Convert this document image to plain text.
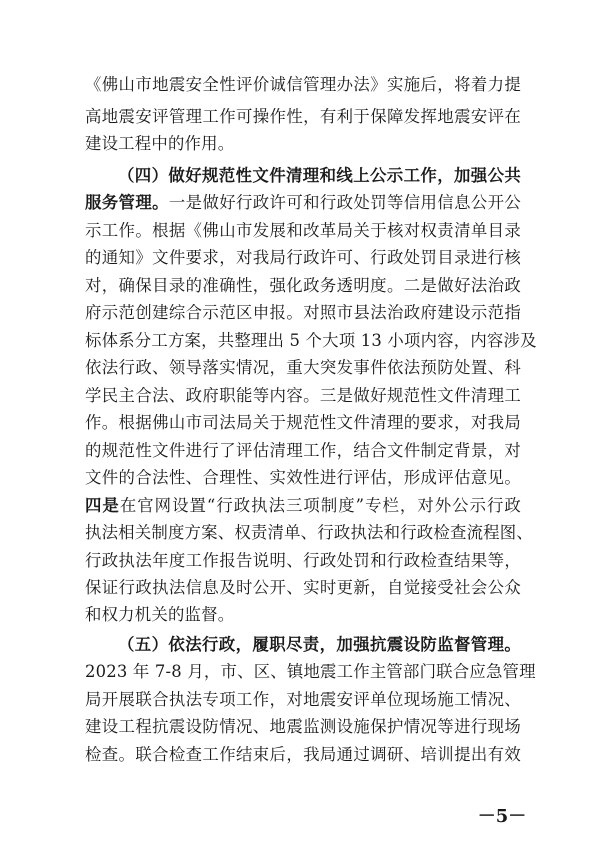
《佛山市地震安全性评价诚信管理办法》实施后，将着力提
高地震安评管理工作可操作性，有利于保障发挥地震安评在
建设工程中的作用。
（四）做好规范性文件清理和线上公示工作，加强公共
服务管理。一是做好行政许可和行政处罚等信用信息公开公
示工作。根据《佛山市发展和改革局关于核对权责清单目录
的通知》文件要求，对我局行政许可、行政处罚目录进行核
对，确保目录的准确性，强化政务透明度。二是做好法治政
府示范创建综合示范区申报。对照市县法治政府建设示范指
标体系分工方案，共整理出 5 个大项 13 小项内容，内容涉及
依法行政、领导落实情况，重大突发事件依法预防处置、科
学民主合法、政府职能等内容。三是做好规范性文件清理工
作。根据佛山市司法局关于规范性文件清理的要求，对我局
的规范性文件进行了评估清理工作，结合文件制定背景，对
文件的合法性、合理性、实效性进行评估，形成评估意见。
四是在官网设置“行政执法三项制度”专栏，对外公示行政
执法相关制度方案、权责清单、行政执法和行政检查流程图、
行政执法年度工作报告说明、行政处罚和行政检查结果等，
保证行政执法信息及时公开、实时更新，自觉接受社会公众
和权力机关的监督。
（五）依法行政，履职尽责，加强抗震设防监督管理。
2023 年 7-8 月，市、区、镇地震工作主管部门联合应急管理
局开展联合执法专项工作，对地震安评单位现场施工情况、
建设工程抗震设防情况、地震监测设施保护情况等进行现场
检查。联合检查工作结束后，我局通过调研、培训提出有效
－5－
